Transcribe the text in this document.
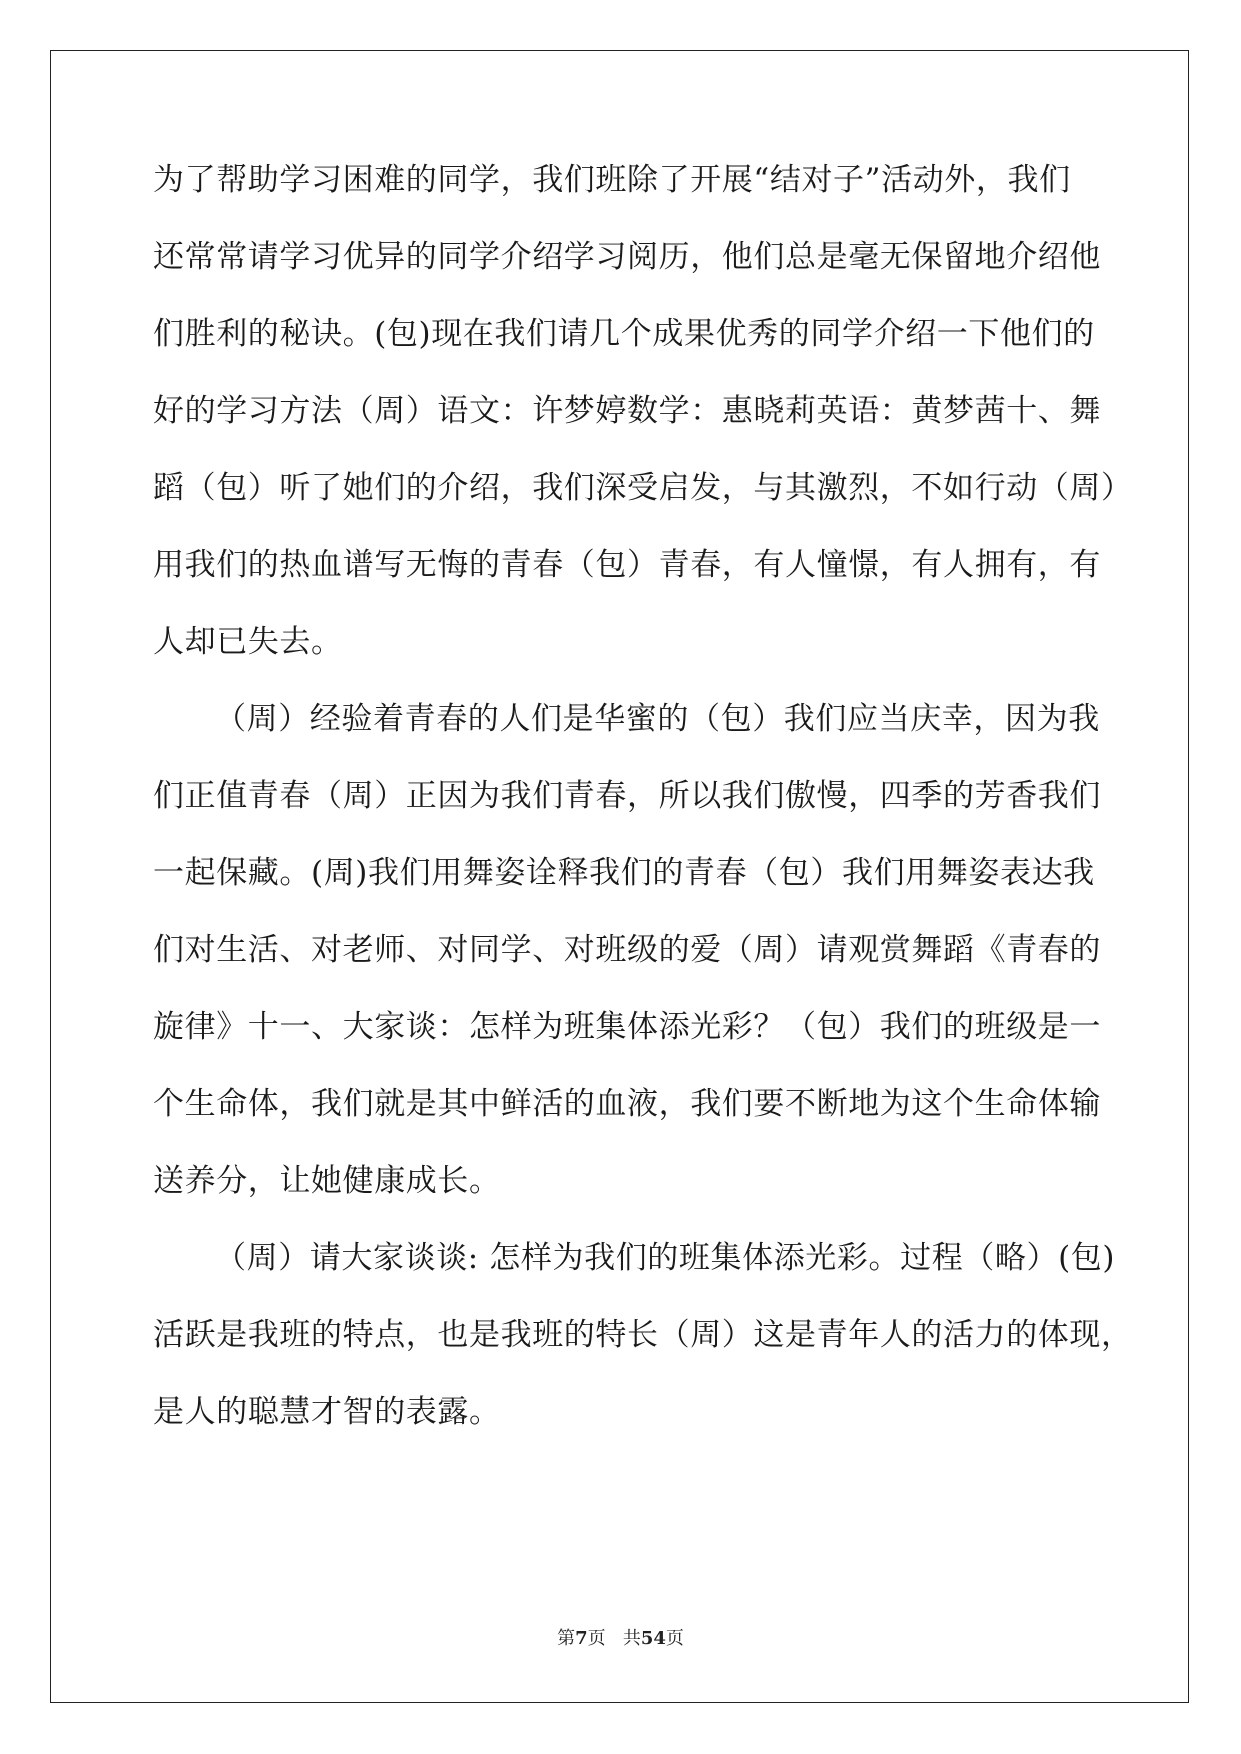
为了帮助学习困难的同学，我们班除了开展“结对子”活动外，我们
还常常请学习优异的同学介绍学习阅历，他们总是毫无保留地介绍他
们胜利的秘诀。(包)现在我们请几个成果优秀的同学介绍一下他们的
好的学习方法（周）语文：许梦婷数学：惠晓莉英语：黄梦茜十、舞
蹈（包）听了她们的介绍，我们深受启发，与其激烈，不如行动（周）
用我们的热血谱写无悔的青春（包）青春，有人憧憬，有人拥有，有
人却已失去。
（周）经验着青春的人们是华蜜的（包）我们应当庆幸，因为我
们正值青春（周）正因为我们青春，所以我们傲慢，四季的芳香我们
一起保藏。(周)我们用舞姿诠释我们的青春（包）我们用舞姿表达我
们对生活、对老师、对同学、对班级的爱（周）请观赏舞蹈《青春的
旋律》十一、大家谈：怎样为班集体添光彩？（包）我们的班级是一
个生命体，我们就是其中鲜活的血液，我们要不断地为这个生命体输
送养分，让她健康成长。
（周）请大家谈谈: 怎样为我们的班集体添光彩。过程（略）(包)
活跃是我班的特点，也是我班的特长（周）这是青年人的活力的体现，
是人的聪慧才智的表露。
第7页 共54页
